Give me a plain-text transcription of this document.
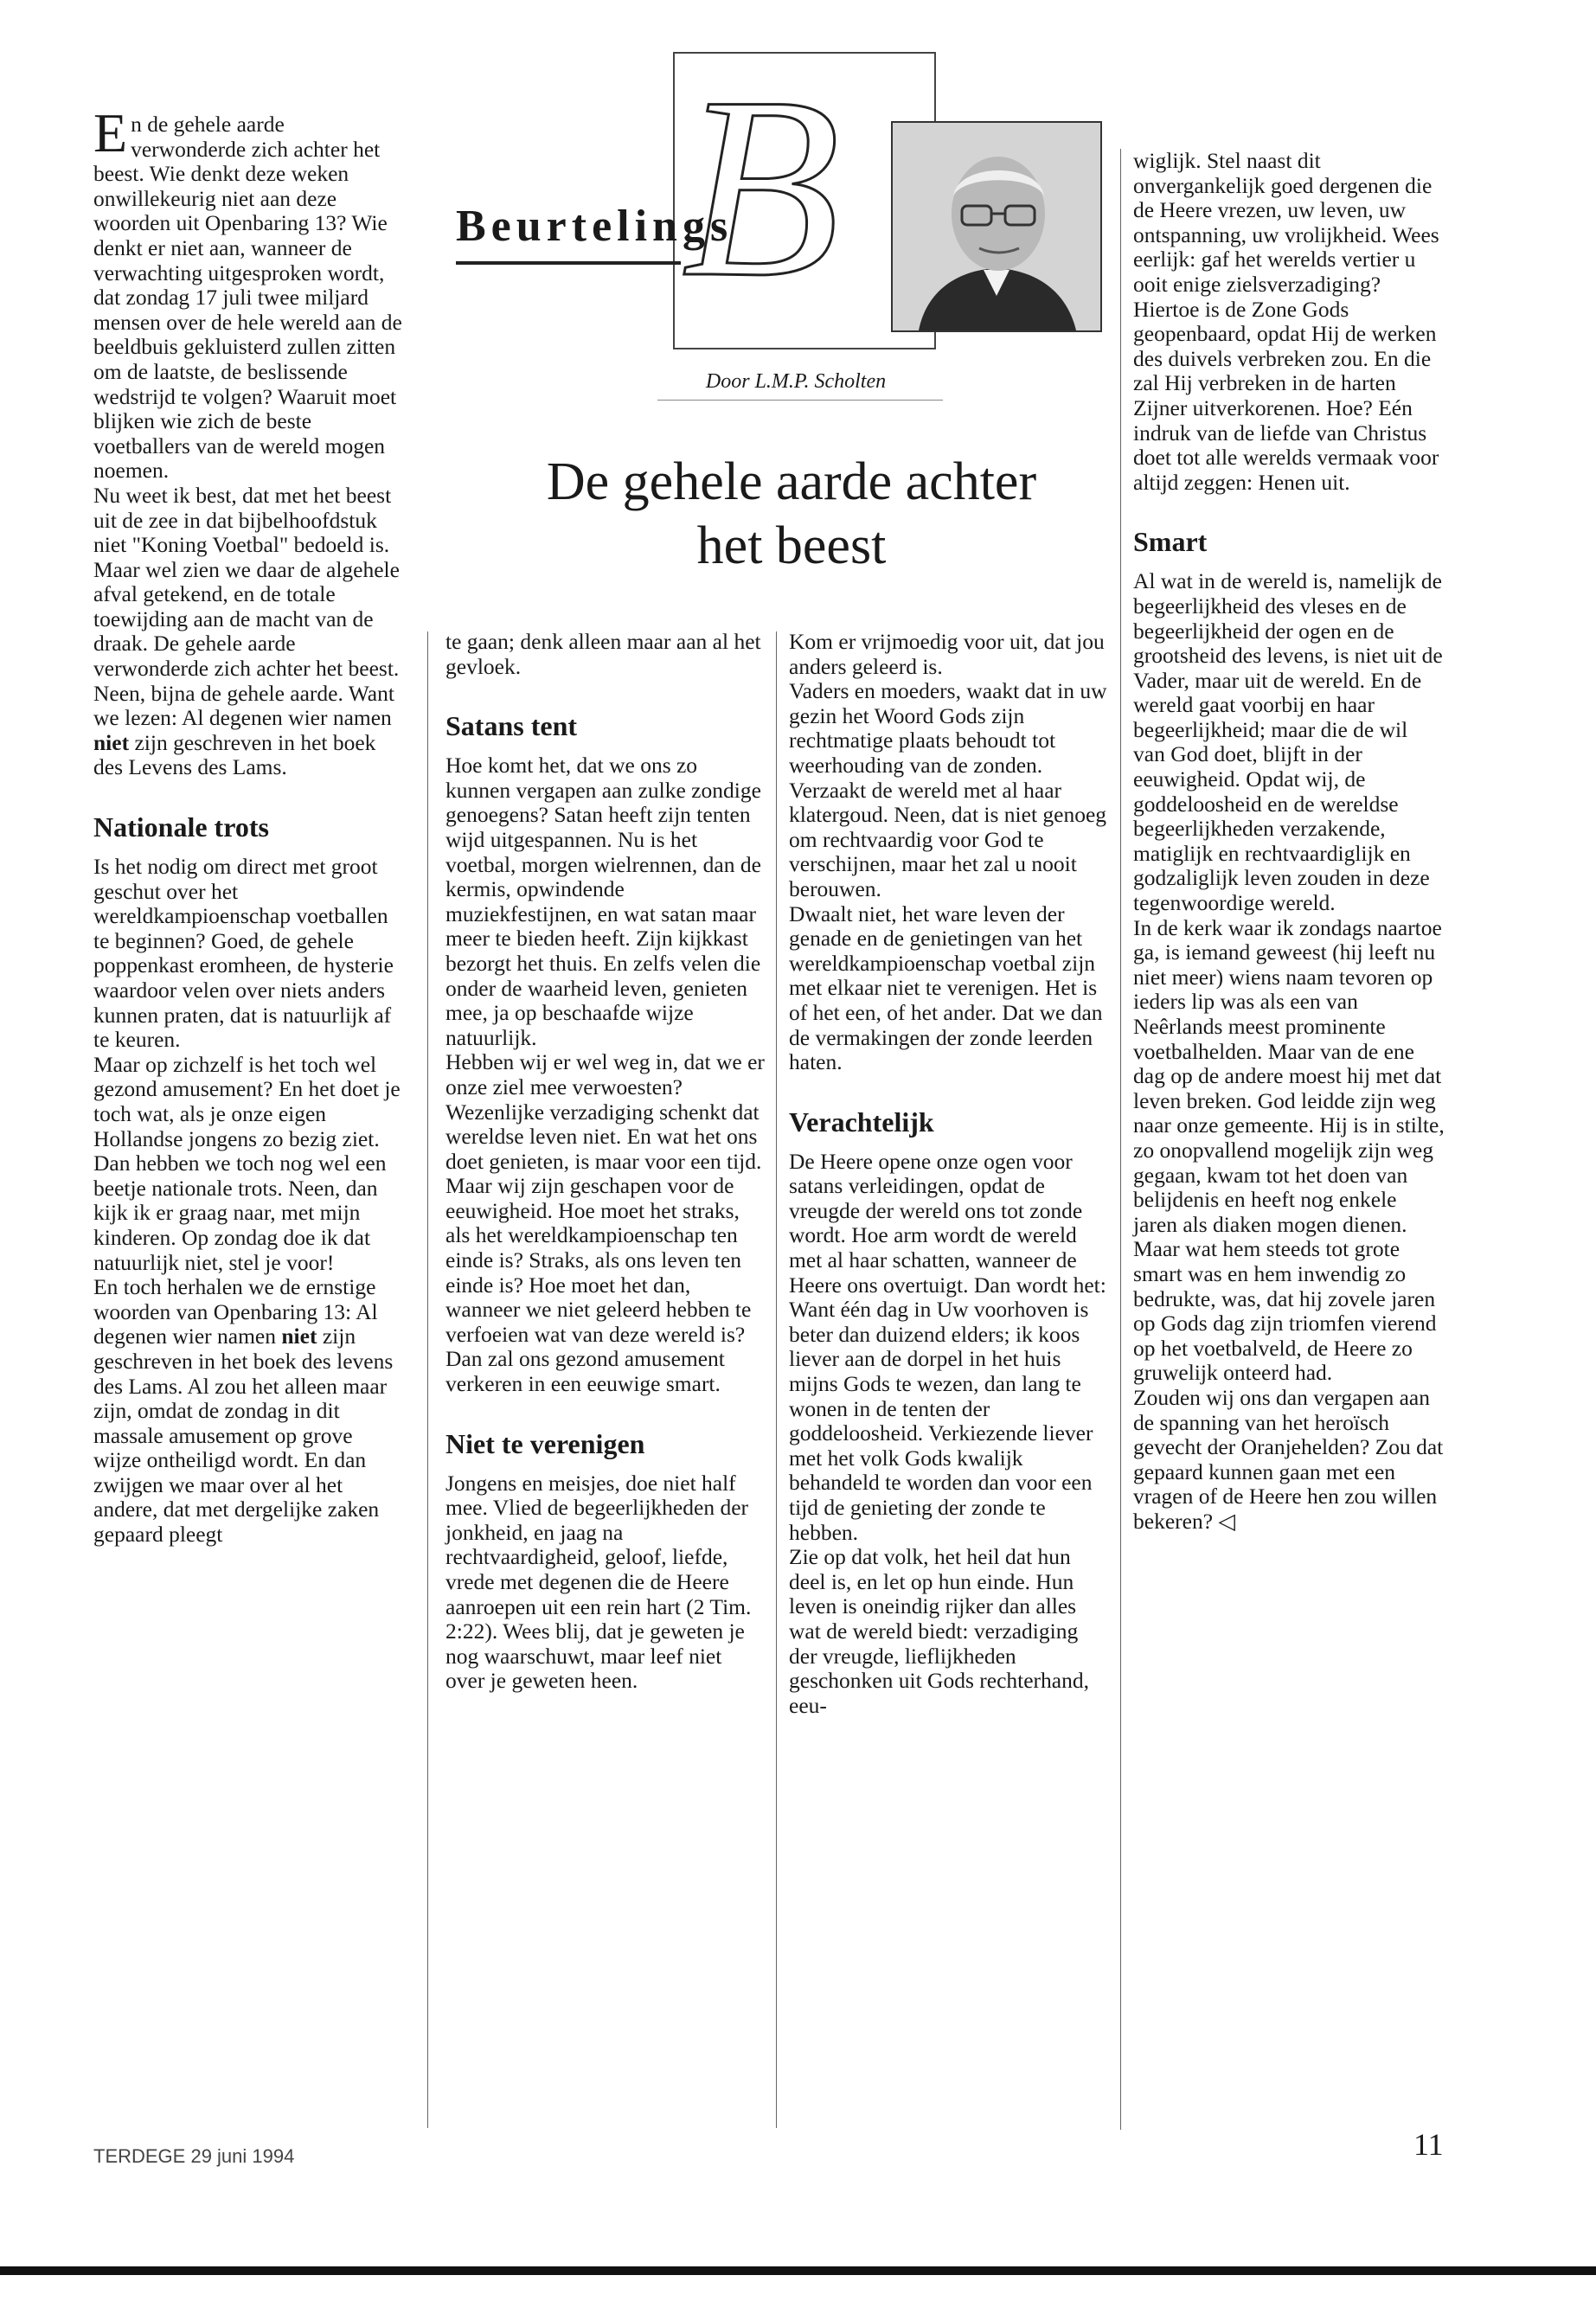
B
Beurtelings
Door L.M.P. Scholten
De gehele aarde achter
het beest

En de gehele aarde verwonderde zich achter het beest. Wie denkt deze weken onwillekeurig niet aan deze woorden uit Openbaring 13? Wie denkt er niet aan, wanneer de verwachting uitgesproken wordt, dat zondag 17 juli twee miljard mensen over de hele wereld aan de beeldbuis gekluisterd zullen zitten om de laatste, de beslissende wedstrijd te volgen? Waaruit moet blijken wie zich de beste voetballers van de wereld mogen noemen.

Nu weet ik best, dat met het beest uit de zee in dat bijbelhoofdstuk niet "Koning Voetbal" bedoeld is. Maar wel zien we daar de algehele afval getekend, en de totale toewijding aan de macht van de draak. De gehele aarde verwonderde zich achter het beest.

Neen, bijna de gehele aarde. Want we lezen: Al degenen wier namen niet zijn geschreven in het boek des Levens des Lams.

Nationale trots

Is het nodig om direct met groot geschut over het wereldkampioenschap voetballen te beginnen? Goed, de gehele poppenkast eromheen, de hysterie waardoor velen over niets anders kunnen praten, dat is natuurlijk af te keuren.

Maar op zichzelf is het toch wel gezond amusement? En het doet je toch wat, als je onze eigen Hollandse jongens zo bezig ziet. Dan hebben we toch nog wel een beetje nationale trots. Neen, dan kijk ik er graag naar, met mijn kinderen. Op zondag doe ik dat natuurlijk niet, stel je voor!

En toch herhalen we de ernstige woorden van Openbaring 13: Al degenen wier namen niet zijn geschreven in het boek des levens des Lams. Al zou het alleen maar zijn, omdat de zondag in dit massale amusement op grove wijze ontheiligd wordt. En dan zwijgen we maar over al het andere, dat met dergelijke zaken gepaard pleegt

te gaan; denk alleen maar aan al het gevloek.

Satans tent

Hoe komt het, dat we ons zo kunnen vergapen aan zulke zondige genoegens? Satan heeft zijn tenten wijd uitgespannen. Nu is het voetbal, morgen wielrennen, dan de kermis, opwindende muziekfestijnen, en wat satan maar meer te bieden heeft. Zijn kijkkast bezorgt het thuis. En zelfs velen die onder de waarheid leven, genieten mee, ja op beschaafde wijze natuurlijk.

Hebben wij er wel weg in, dat we er onze ziel mee verwoesten? Wezenlijke verzadiging schenkt dat wereldse leven niet. En wat het ons doet genieten, is maar voor een tijd. Maar wij zijn geschapen voor de eeuwigheid. Hoe moet het straks, als het wereldkampioenschap ten einde is? Straks, als ons leven ten einde is? Hoe moet het dan, wanneer we niet geleerd hebben te verfoeien wat van deze wereld is? Dan zal ons gezond amusement verkeren in een eeuwige smart.

Niet te verenigen

Jongens en meisjes, doe niet half mee. Vlied de begeerlijkheden der jonkheid, en jaag na rechtvaardigheid, geloof, liefde, vrede met degenen die de Heere aanroepen uit een rein hart (2 Tim. 2:22). Wees blij, dat je geweten je nog waarschuwt, maar leef niet over je geweten heen.

Kom er vrijmoedig voor uit, dat jou anders geleerd is.

Vaders en moeders, waakt dat in uw gezin het Woord Gods zijn rechtmatige plaats behoudt tot weerhouding van de zonden. Verzaakt de wereld met al haar klatergoud. Neen, dat is niet genoeg om rechtvaardig voor God te verschijnen, maar het zal u nooit berouwen.

Dwaalt niet, het ware leven der genade en de genietingen van het wereldkampioenschap voetbal zijn met elkaar niet te verenigen. Het is of het een, of het ander. Dat we dan de vermakingen der zonde leerden haten.

Verachtelijk

De Heere opene onze ogen voor satans verleidingen, opdat de vreugde der wereld ons tot zonde wordt. Hoe arm wordt de wereld met al haar schatten, wanneer de Heere ons overtuigt. Dan wordt het: Want één dag in Uw voorhoven is beter dan duizend elders; ik koos liever aan de dorpel in het huis mijns Gods te wezen, dan lang te wonen in de tenten der goddeloosheid. Verkiezende liever met het volk Gods kwalijk behandeld te worden dan voor een tijd de genieting der zonde te hebben.

Zie op dat volk, het heil dat hun deel is, en let op hun einde. Hun leven is oneindig rijker dan alles wat de wereld biedt: verzadiging der vreugde, lieflijkheden geschonken uit Gods rechterhand, eeu-

wiglijk. Stel naast dit onvergankelijk goed dergenen die de Heere vrezen, uw leven, uw ontspanning, uw vrolijkheid. Wees eerlijk: gaf het werelds vertier u ooit enige zielsverzadiging?

Hiertoe is de Zone Gods geopenbaard, opdat Hij de werken des duivels verbreken zou. En die zal Hij verbreken in de harten Zijner uitverkorenen. Hoe? Eén indruk van de liefde van Christus doet tot alle werelds vermaak voor altijd zeggen: Henen uit.

Smart

Al wat in de wereld is, namelijk de begeerlijkheid des vleses en de begeerlijkheid der ogen en de grootsheid des levens, is niet uit de Vader, maar uit de wereld. En de wereld gaat voorbij en haar begeerlijkheid; maar die de wil van God doet, blijft in der eeuwigheid. Opdat wij, de goddeloosheid en de wereldse begeerlijkheden verzakende, matiglijk en rechtvaardiglijk en godzaliglijk leven zouden in deze tegenwoordige wereld.

In de kerk waar ik zondags naartoe ga, is iemand geweest (hij leeft nu niet meer) wiens naam tevoren op ieders lip was als een van Neêrlands meest prominente voetbalhelden. Maar van de ene dag op de andere moest hij met dat leven breken. God leidde zijn weg naar onze gemeente. Hij is in stilte, zo onopvallend mogelijk zijn weg gegaan, kwam tot het doen van belijdenis en heeft nog enkele jaren als diaken mogen dienen.

Maar wat hem steeds tot grote smart was en hem inwendig zo bedrukte, was, dat hij zovele jaren op Gods dag zijn triomfen vierend op het voetbalveld, de Heere zo gruwelijk onteerd had.

Zouden wij ons dan vergapen aan de spanning van het heroïsch gevecht der Oranjehelden? Zou dat gepaard kunnen gaan met een vragen of de Heere hen zou willen bekeren? ◁

TERDEGE 29 juni 1994	11
